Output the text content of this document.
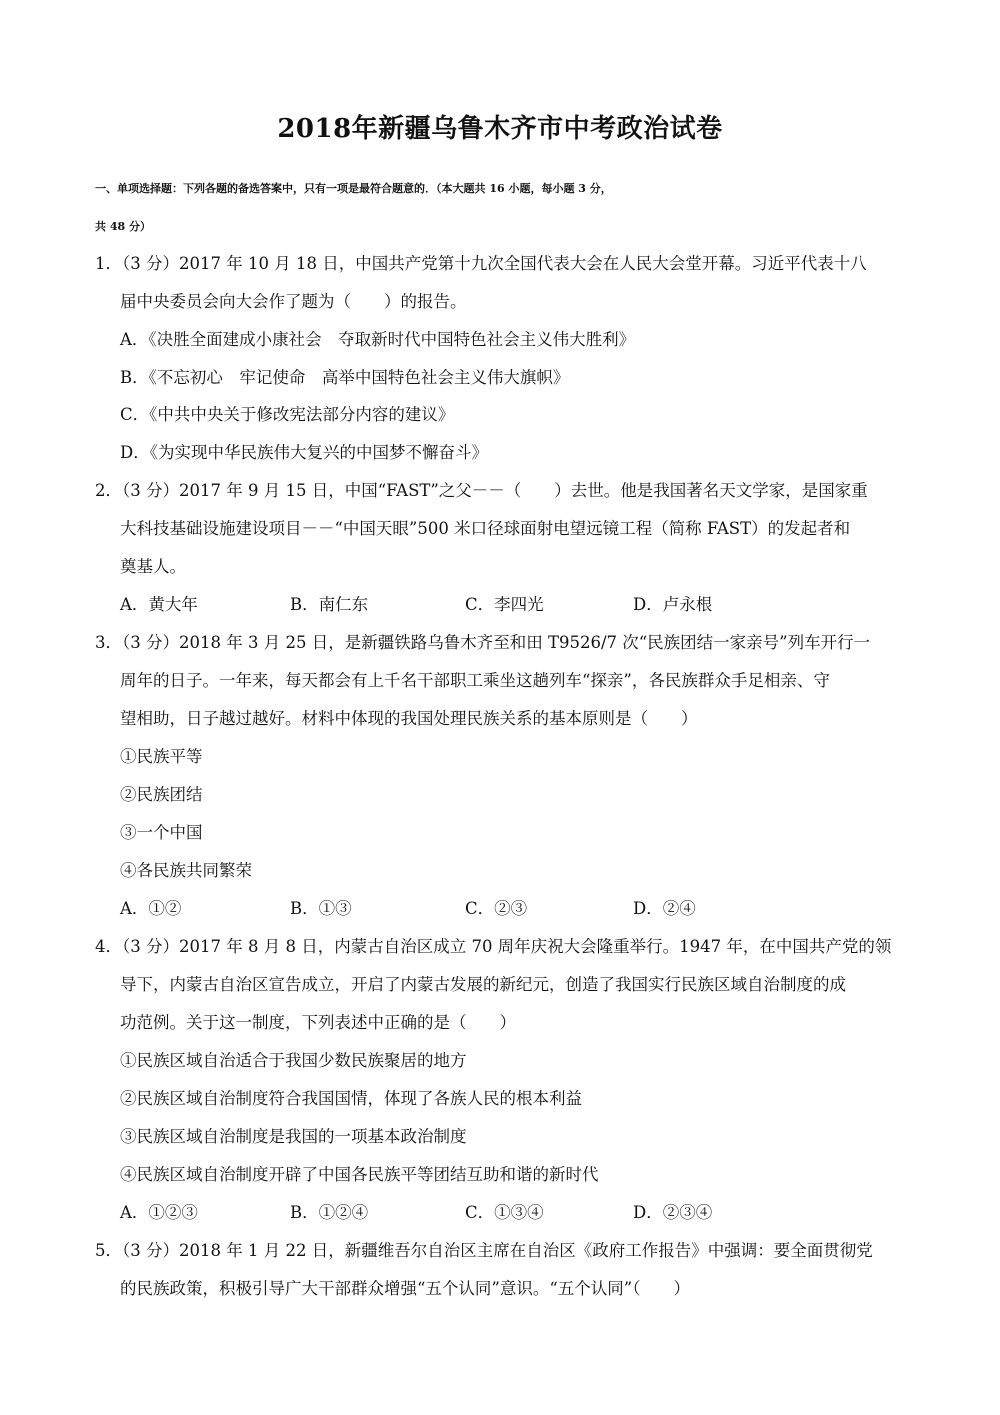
2018年新疆乌鲁木齐市中考政治试卷
一、单项选择题：下列各题的备选答案中，只有一项是最符合题意的．（本大题共 16 小题，每小题 3 分，
共 48 分）
1．（3 分）2017 年 10 月 18 日，中国共产党第十九次全国代表大会在人民大会堂开幕。习近平代表十八
届中央委员会向大会作了题为（　　）的报告。
A．《决胜全面建成小康社会　夺取新时代中国特色社会主义伟大胜利》
B．《不忘初心　牢记使命　高举中国特色社会主义伟大旗帜》
C．《中共中央关于修改宪法部分内容的建议》
D．《为实现中华民族伟大复兴的中国梦不懈奋斗》
2．（3 分）2017 年 9 月 15 日，中国“FAST”之父－－（　　）去世。他是我国著名天文学家，是国家重
大科技基础设施建设项目－－“中国天眼”500 米口径球面射电望远镜工程（简称 FAST）的发起者和
奠基人。
A．黄大年	B．南仁东	C．李四光	D．卢永根
3．（3 分）2018 年 3 月 25 日，是新疆铁路乌鲁木齐至和田 T9526/7 次“民族团结一家亲号”列车开行一
周年的日子。一年来，每天都会有上千名干部职工乘坐这趟列车“探亲”，各民族群众手足相亲、守
望相助，日子越过越好。材料中体现的我国处理民族关系的基本原则是（　　）
①民族平等
②民族团结
③一个中国
④各民族共同繁荣
A．①②	B．①③	C．②③	D．②④
4．（3 分）2017 年 8 月 8 日，内蒙古自治区成立 70 周年庆祝大会隆重举行。1947 年，在中国共产党的领
导下，内蒙古自治区宣告成立，开启了内蒙古发展的新纪元，创造了我国实行民族区域自治制度的成
功范例。关于这一制度，下列表述中正确的是（　　）
①民族区域自治适合于我国少数民族聚居的地方
②民族区域自治制度符合我国国情，体现了各族人民的根本利益
③民族区域自治制度是我国的一项基本政治制度
④民族区域自治制度开辟了中国各民族平等团结互助和谐的新时代
A．①②③	B．①②④	C．①③④	D．②③④
5．（3 分）2018 年 1 月 22 日，新疆维吾尔自治区主席在自治区《政府工作报告》中强调：要全面贯彻党
的民族政策，积极引导广大干部群众增强“五个认同”意识。“五个认同”（　　）
